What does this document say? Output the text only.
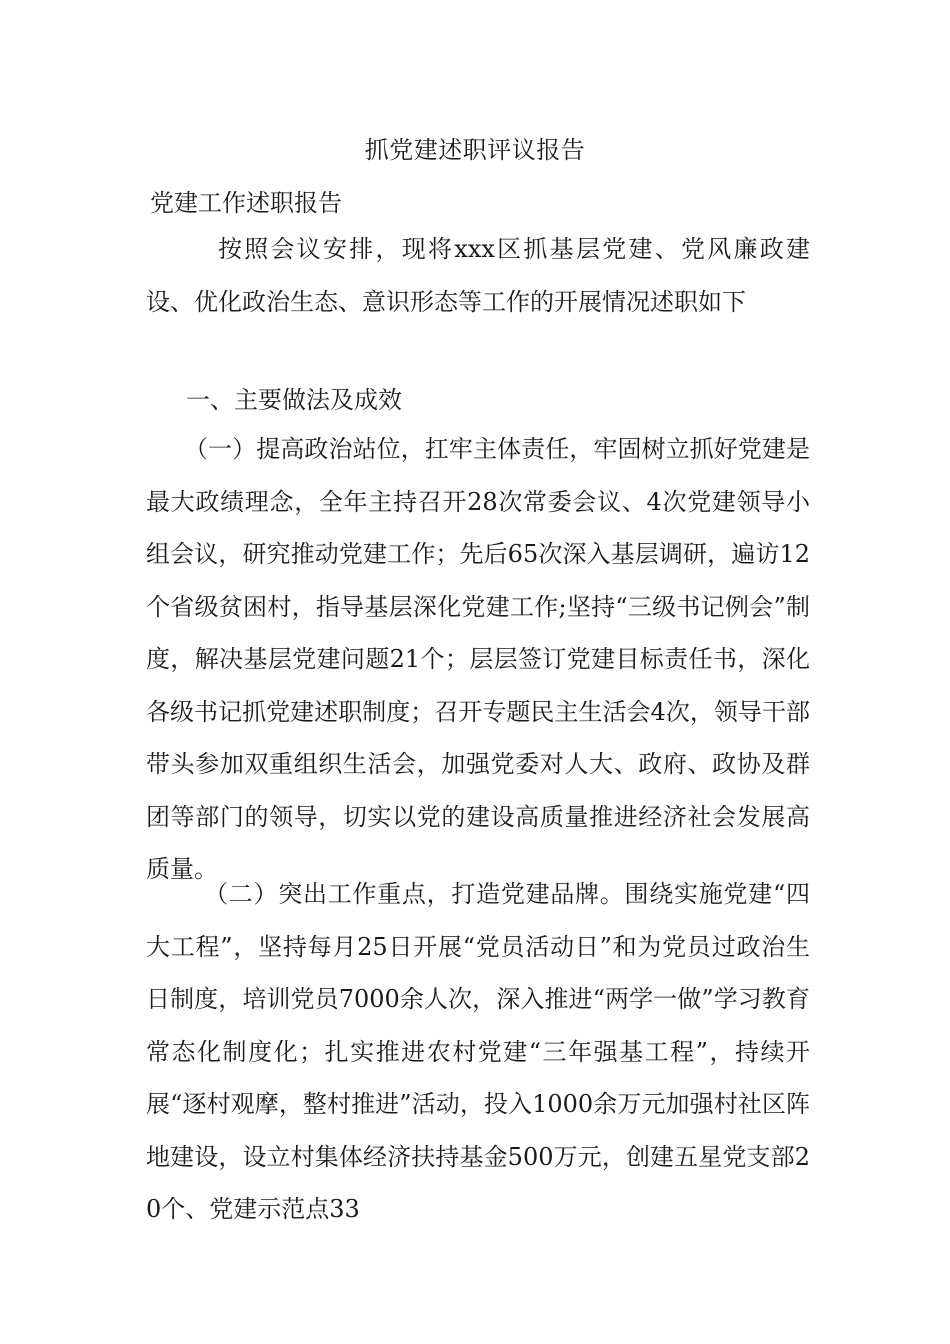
抓党建述职评议报告
党建工作述职报告

按照会议安排，现将xxx区抓基层党建、党风廉政建设、优化政治生态、意识形态等工作的开展情况述职如下

一、主要做法及成效

（一）提高政治站位，扛牢主体责任，牢固树立抓好党建是最大政绩理念，全年主持召开28次常委会议、4次党建领导小组会议，研究推动党建工作；先后65次深入基层调研，遍访12个省级贫困村，指导基层深化党建工作;坚持“三级书记例会”制度，解决基层党建问题21个；层层签订党建目标责任书，深化各级书记抓党建述职制度；召开专题民主生活会4次，领导干部带头参加双重组织生活会，加强党委对人大、政府、政协及群团等部门的领导，切实以党的建设高质量推进经济社会发展高质量。

（二）突出工作重点，打造党建品牌。围绕实施党建“四大工程”，坚持每月25日开展“党员活动日”和为党员过政治生日制度，培训党员7000余人次，深入推进“两学一做”学习教育常态化制度化；扎实推进农村党建“三年强基工程”，持续开展“逐村观摩，整村推进”活动，投入1000余万元加强村社区阵地建设，设立村集体经济扶持基金500万元，创建五星党支部20个、党建示范点33
